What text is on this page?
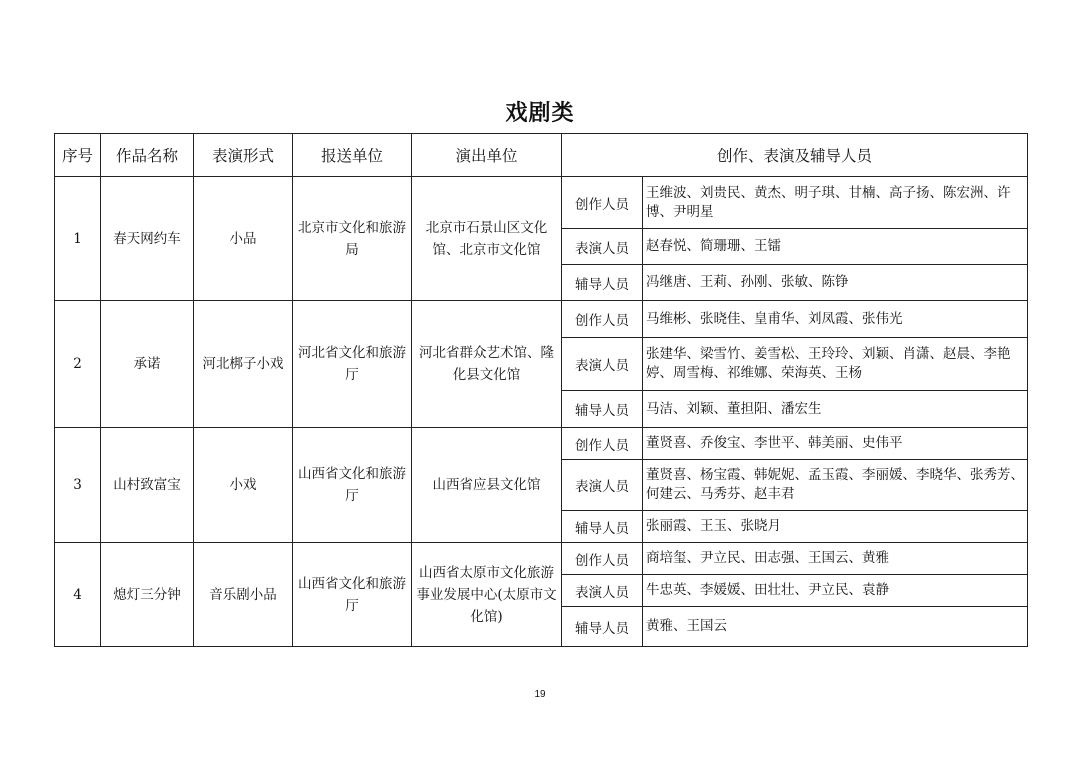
戏剧类
序号	作品名称	表演形式	报送单位	演出单位	创作、表演及辅导人员	
1	春天网约车	小品	北京市文化和旅游局	北京市石景山区文化馆、北京市文化馆	创作人员	王维波、刘贵民、黄杰、明子琪、甘楠、高子扬、陈宏洲、许博、尹明星
					表演人员	赵春悦、简珊珊、王镭
					辅导人员	冯继唐、王莉、孙刚、张敏、陈铮
2	承诺	河北梆子小戏	河北省文化和旅游厅	河北省群众艺术馆、隆化县文化馆	创作人员	马维彬、张晓佳、皇甫华、刘凤霞、张伟光
					表演人员	张建华、梁雪竹、姜雪松、王玲玲、刘颖、肖潇、赵晨、李艳婷、周雪梅、祁维娜、荣海英、王杨
					辅导人员	马洁、刘颖、董担阳、潘宏生
3	山村致富宝	小戏	山西省文化和旅游厅	山西省应县文化馆	创作人员	董贤喜、乔俊宝、李世平、韩美丽、史伟平
					表演人员	董贤喜、杨宝霞、韩妮妮、孟玉霞、李丽媛、李晓华、张秀芳、何建云、马秀芬、赵丰君
					辅导人员	张丽霞、王玉、张晓月
4	熄灯三分钟	音乐剧小品	山西省文化和旅游厅	山西省太原市文化旅游事业发展中心(太原市文化馆)	创作人员	商培玺、尹立民、田志强、王国云、黄雅
					表演人员	牛忠英、李媛媛、田壮壮、尹立民、袁静
					辅导人员	黄雅、王国云
19
